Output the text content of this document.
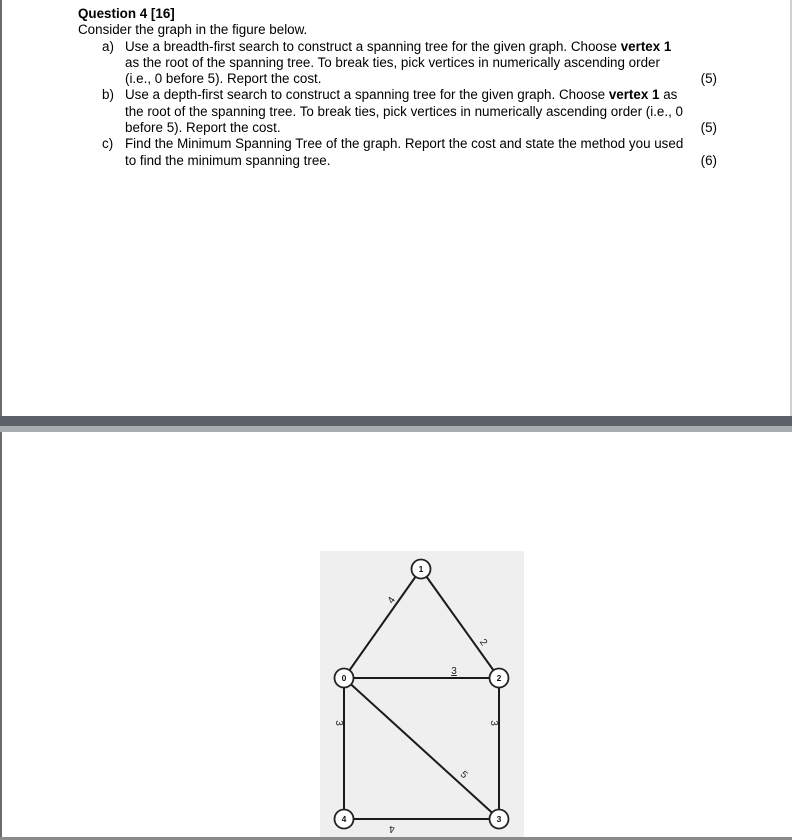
Question 4 [16]
Consider the graph in the figure below.
a) Use a breadth-first search to construct a spanning tree for the given graph. Choose vertex 1
as the root of the spanning tree. To break ties, pick vertices in numerically ascending order
(i.e., 0 before 5). Report the cost.	(5)
b) Use a depth-first search to construct a spanning tree for the given graph. Choose vertex 1 as
the root of the spanning tree. To break ties, pick vertices in numerically ascending order (i.e., 0
before 5). Report the cost.	(5)
c) Find the Minimum Spanning Tree of the graph. Report the cost and state the method you used
to find the minimum spanning tree.	(6)
4
2
3
3	3
5
4
1
0	2
4	3
